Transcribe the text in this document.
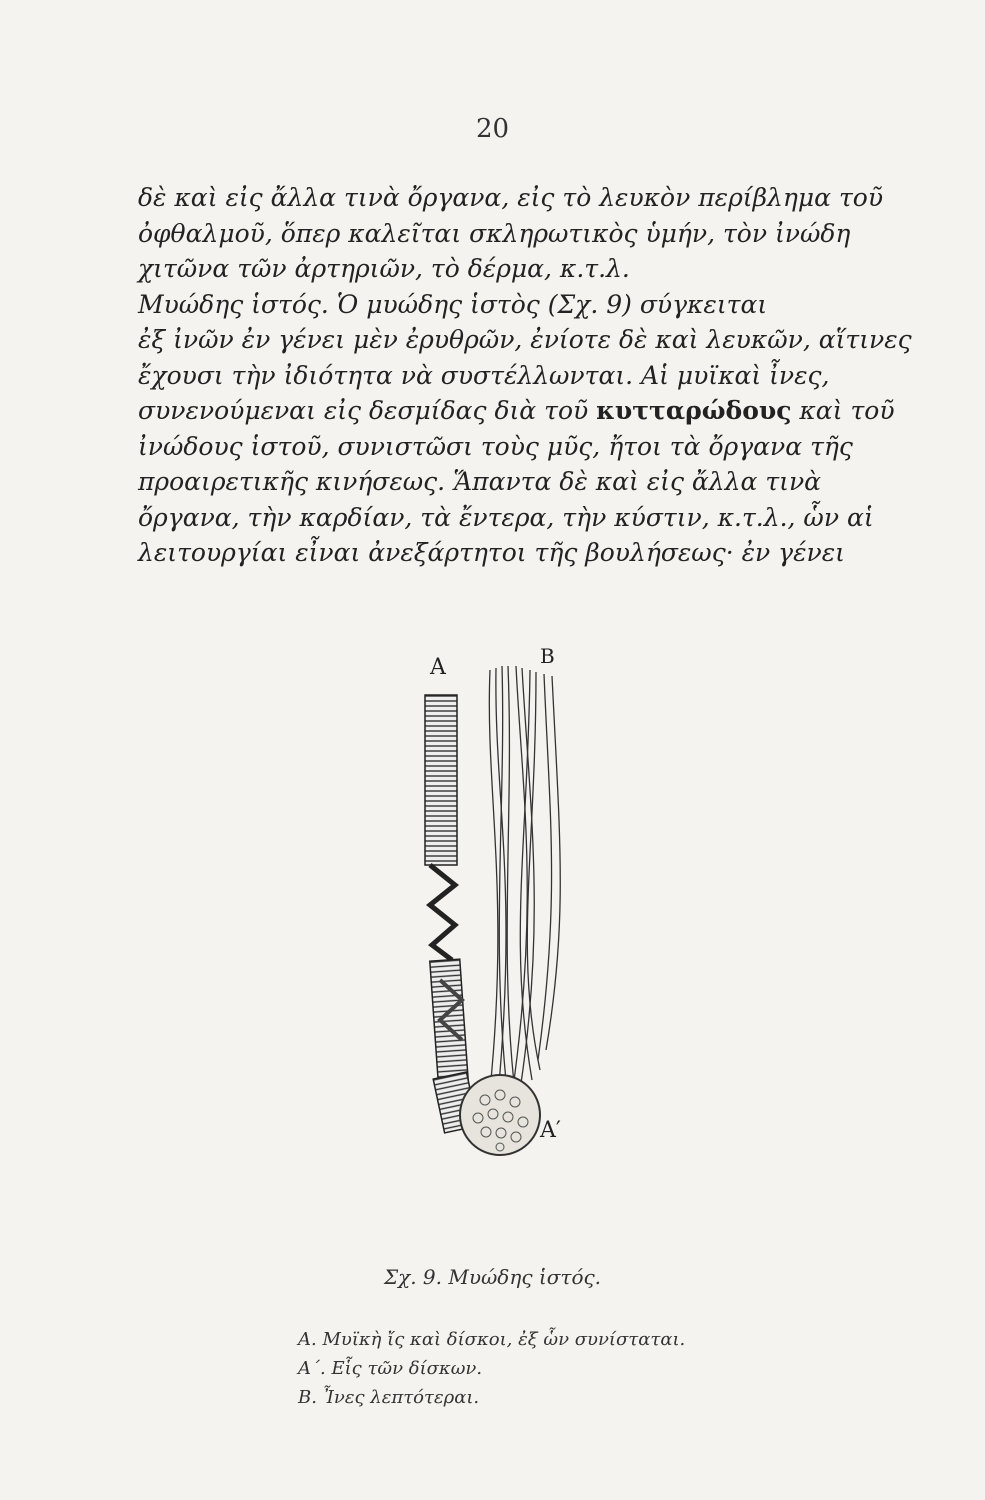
20
δὲ καὶ εἰς ἄλλα τινὰ ὄργανα, εἰς τὸ λευκὸν περίβλημα τοῦ
ὀφθαλμοῦ, ὅπερ καλεῖται σκληρωτικὸς ὑμήν, τὸν ἰνώδη
χιτῶνα τῶν ἀρτηριῶν, τὸ δέρμα, κ.τ.λ.
Μυώδης ἱστός. Ὁ μυώδης ἱστὸς (Σχ. 9) σύγκειται
ἐξ ἰνῶν ἐν γένει μὲν ἐρυθρῶν, ἐνίοτε δὲ καὶ λευκῶν, αἵτινες
ἔχουσι τὴν ἰδιότητα νὰ συστέλλωνται. Αἱ μυϊκαὶ ἶνες,
συνενούμεναι εἰς δεσμίδας διὰ τοῦ κυτταρώδους καὶ τοῦ
ἰνώδους ἱστοῦ, συνιστῶσι τοὺς μῦς, ἤτοι τὰ ὄργανα τῆς
προαιρετικῆς κινήσεως. Ἅπαντα δὲ καὶ εἰς ἄλλα τινὰ
ὄργανα, τὴν καρδίαν, τὰ ἔντερα, τὴν κύστιν, κ.τ.λ., ὧν αἱ
λειτουργίαι εἶναι ἀνεξάρτητοι τῆς βουλήσεως· ἐν γένει
A	B
A′
Σχ. 9. Μυώδης ἱστός.
Α. Μυϊκὴ ἴς καὶ δίσκοι, ἐξ ὧν συνίσταται.
Α΄. Εἷς τῶν δίσκων.
Β. Ἶνες λεπτότεραι.
